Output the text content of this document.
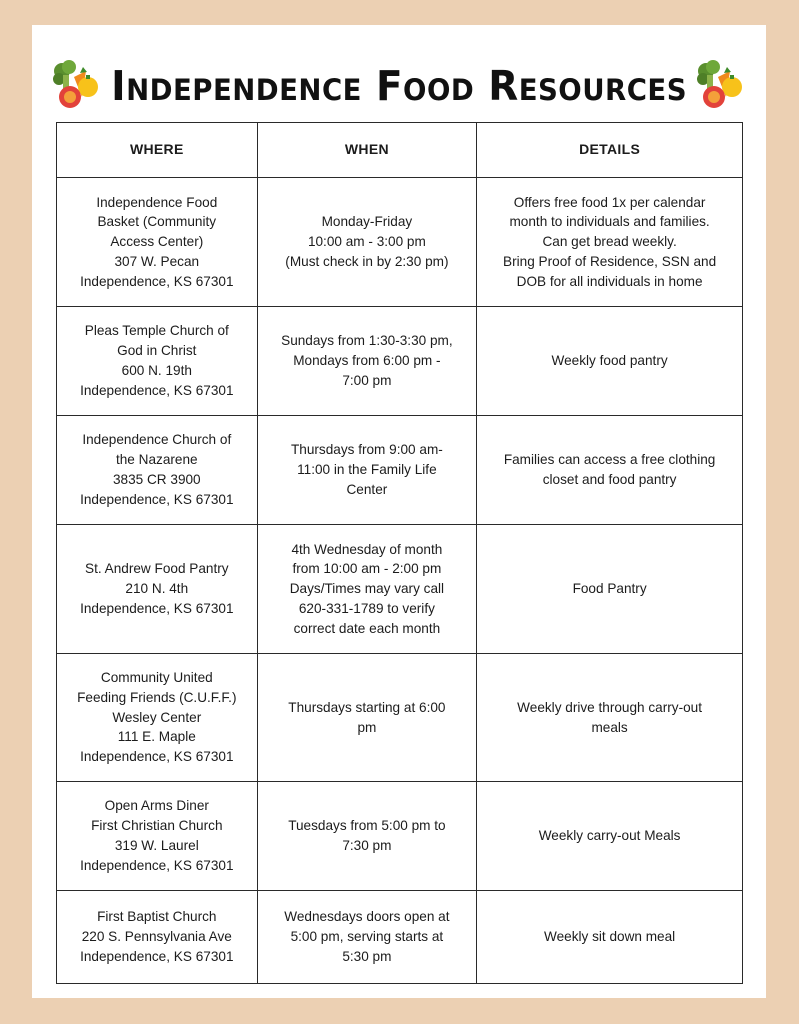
Independence Food Resources
WHERE	WHEN	DETAILS

Independence Food
Basket (Community
Access Center)
307 W. Pecan
Independence, KS 67301	Monday-Friday
10:00 am - 3:00 pm
(Must check in by 2:30 pm)	Offers free food 1x per calendar
month to individuals and families.
Can get bread weekly.
Bring Proof of Residence, SSN and
DOB for all individuals in home

Pleas Temple Church of
God in Christ
600 N. 19th
Independence, KS 67301	Sundays from 1:30-3:30 pm,
Mondays from 6:00 pm -
7:00 pm	Weekly food pantry

Independence Church of
the Nazarene
3835 CR 3900
Independence, KS 67301	Thursdays from 9:00 am-
11:00 in the Family Life
Center	Families can access a free clothing
closet and food pantry

St. Andrew Food Pantry
210 N. 4th
Independence, KS 67301	4th Wednesday of month
from 10:00 am - 2:00 pm
Days/Times may vary call
620-331-1789 to verify
correct date each month	Food Pantry

Community United
Feeding Friends (C.U.F.F.)
Wesley Center
111 E. Maple
Independence, KS 67301	Thursdays starting at 6:00
pm	Weekly drive through carry-out
meals

Open Arms Diner
First Christian Church
319 W. Laurel
Independence, KS 67301	Tuesdays from 5:00 pm to
7:30 pm	Weekly carry-out Meals

First Baptist Church
220 S. Pennsylvania Ave
Independence, KS 67301	Wednesdays doors open at
5:00 pm, serving starts at
5:30 pm	Weekly sit down meal
